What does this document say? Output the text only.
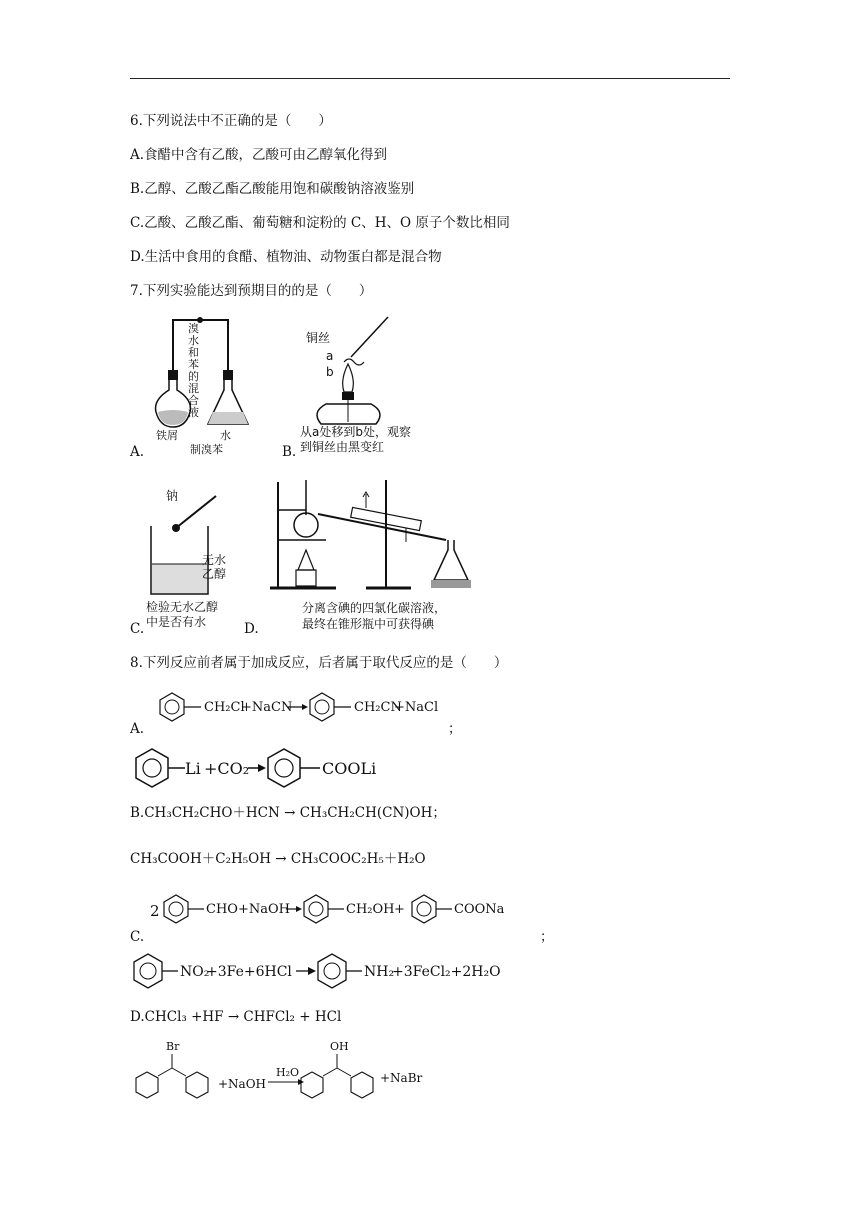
6.下列说法中不正确的是（　　）
A.食醋中含有乙酸，乙酸可由乙醇氧化得到
B.乙醇、乙酸乙酯乙酸能用饱和碳酸钠溶液鉴别
C.乙酸、乙酸乙酯、葡萄糖和淀粉的 C、H、O 原子个数比相同
D.生活中食用的食醋、植物油、动物蛋白都是混合物
7.下列实验能达到预期目的的是（　　）
A.
溴
水
和
苯
的
混
合
液
铁屑	水
制溴苯	B.
铜丝
a
b
从a处移到b处，观察
到铜丝由黑变红
C.
钠
无水
乙醇
检验无水乙醇
中是否有水	D.
分离含碘的四氯化碳溶液，
最终在锥形瓶中可获得碘
8.下列反应前者属于加成反应，后者属于取代反应的是（　　）
A.
CH₂Cl
+NaCN	CH₂CN
+NaCl
；
Li +CO₂	COOLi
B.CH₃CH₂CHO＋HCN → CH₃CH₂CH(CN)OH；
CH₃COOH＋C₂H₅OH → CH₃COOC₂H₅＋H₂O
C.
2	CHO +NaOH	CH₂OH +	COONa
；
NO₂
+3Fe+6HCl	NH₂
+3FeCl₂+2H₂O
D.CHCl₃ +HF → CHFCl₂ + HCl
Br
+NaOH
H₂O
OH
+NaBr
